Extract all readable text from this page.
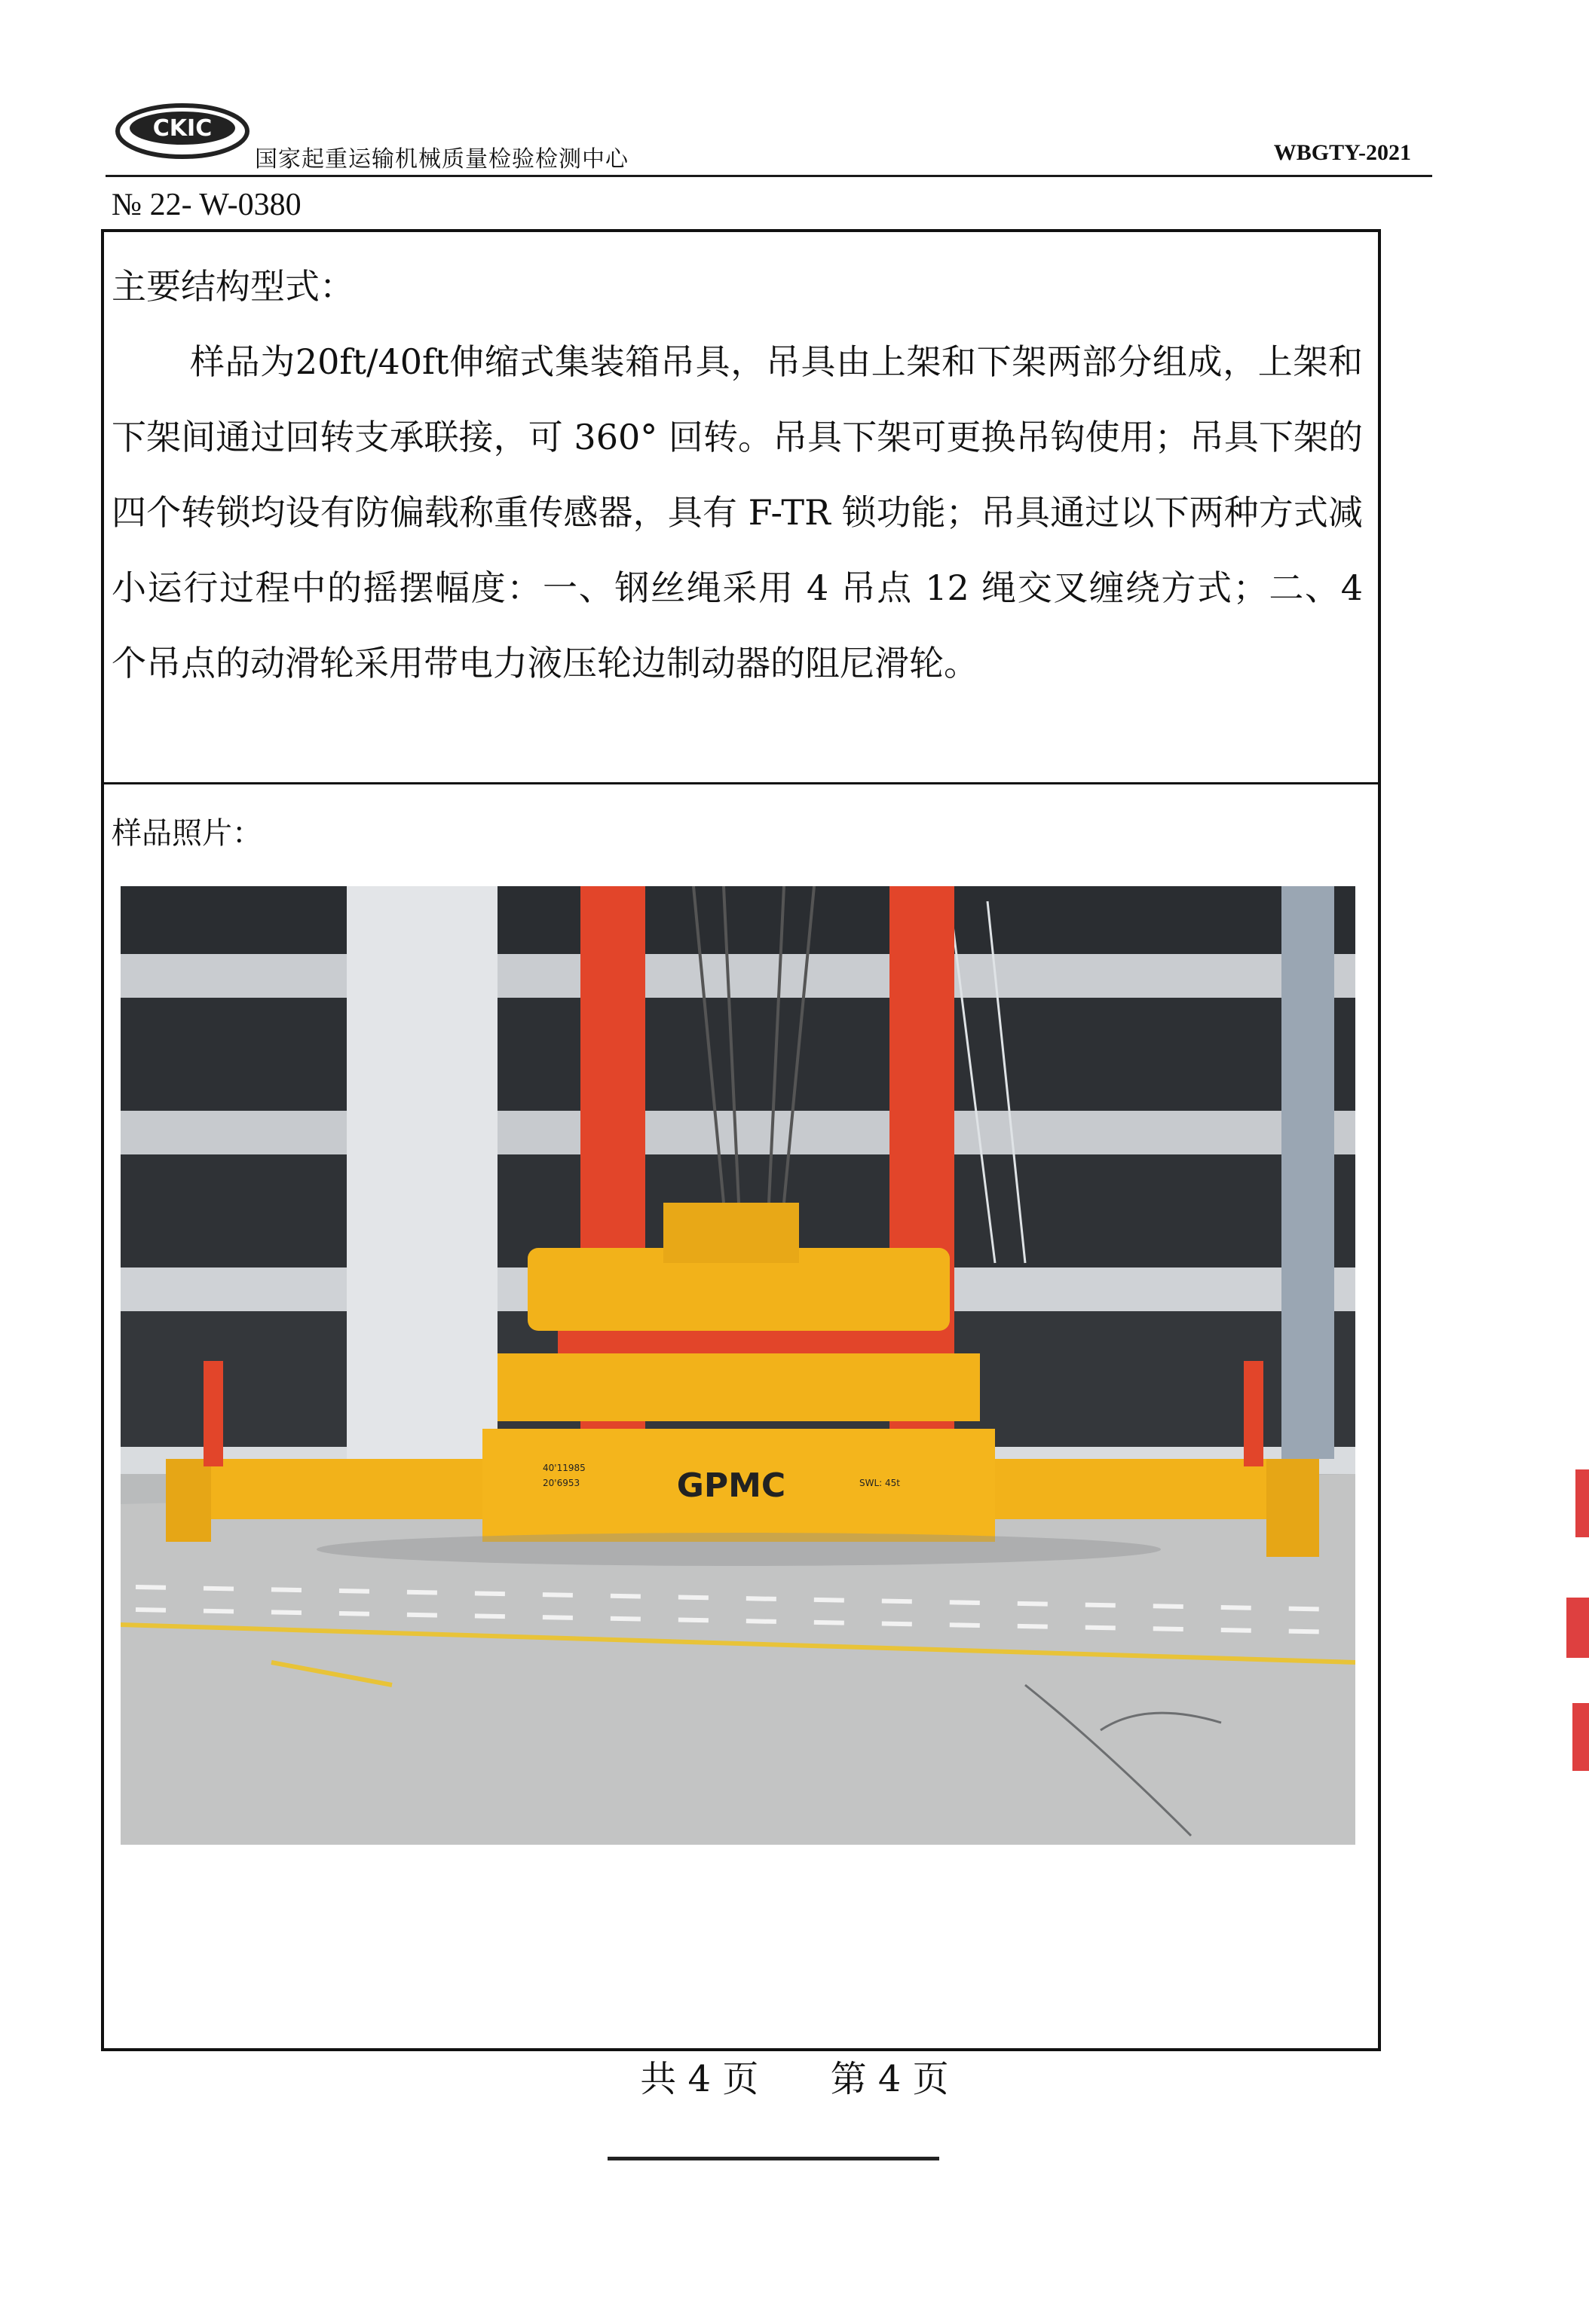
CKIC
国家起重运输机械质量检验检测中心	WBGTY-2021
№ 22- W-0380
主要结构型式：

样品为20ft/40ft伸缩式集装箱吊具，吊具由上架和下架两部分组成，上架和下架间通过回转支承联接，可 360° 回转。吊具下架可更换吊钩使用；吊具下架的四个转锁均设有防偏载称重传感器，具有 F-TR 锁功能；吊具通过以下两种方式减小运行过程中的摇摆幅度：一、钢丝绳采用 4 吊点 12 绳交叉缠绕方式；二、4 个吊点的动滑轮采用带电力液压轮边制动器的阻尼滑轮。

样品照片：
GPMC
40'11985
20'6953	SWL: 45t
共 4 页 第 4 页
